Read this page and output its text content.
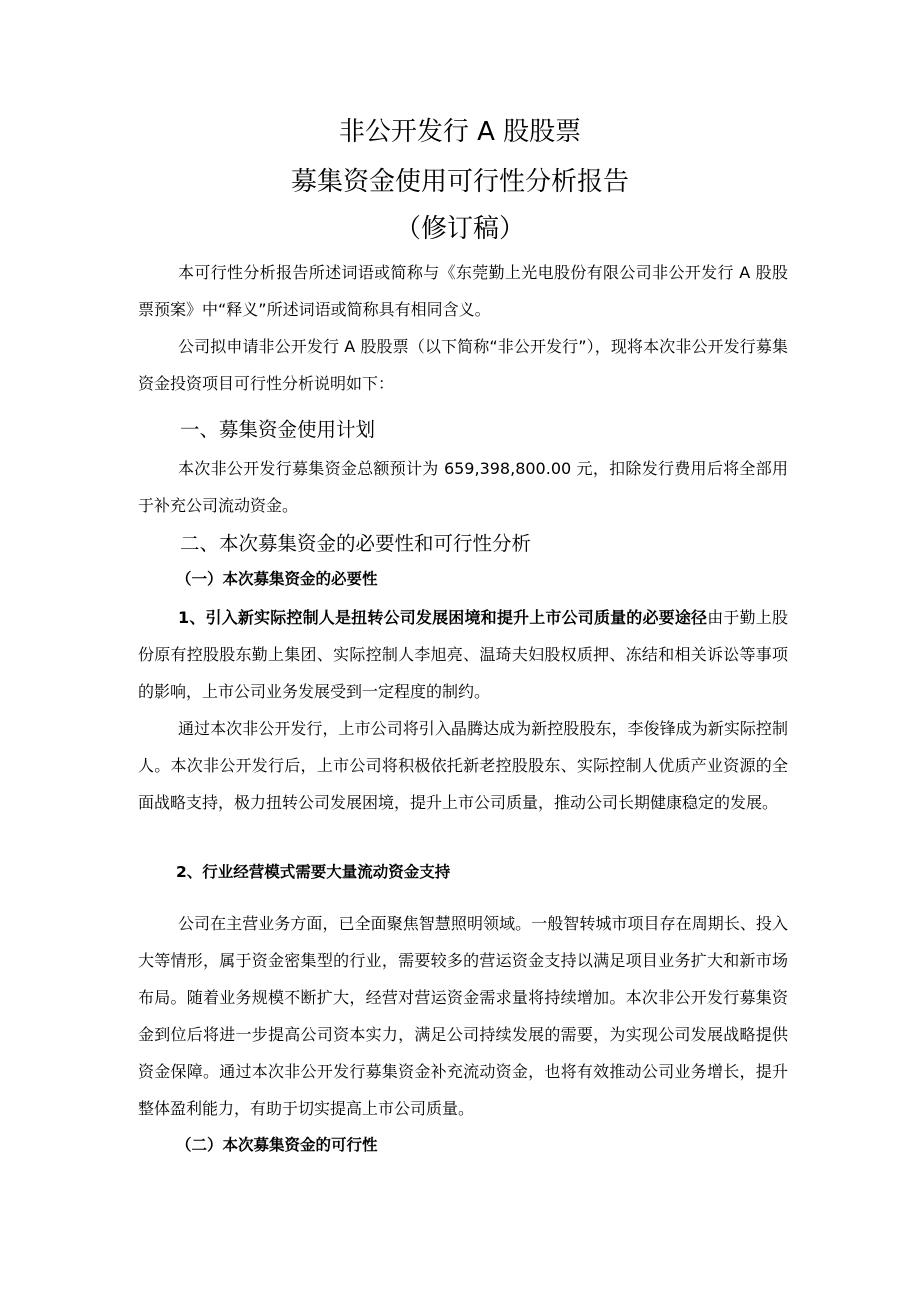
非公开发行 A 股股票
募集资金使用可行性分析报告
（修订稿）

本可行性分析报告所述词语或简称与《东莞勤上光电股份有限公司非公开发行 A 股股票预案》中“释义”所述词语或简称具有相同含义。

公司拟申请非公开发行 A 股股票（以下简称“非公开发行”），现将本次非公开发行募集资金投资项目可行性分析说明如下：

一、募集资金使用计划

本次非公开发行募集资金总额预计为 659,398,800.00 元，扣除发行费用后将全部用于补充公司流动资金。

二、本次募集资金的必要性和可行性分析
（一）本次募集资金的必要性

1、引入新实际控制人是扭转公司发展困境和提升上市公司质量的必要途径由于勤上股份原有控股股东勤上集团、实际控制人李旭亮、温琦夫妇股权质押、冻结和相关诉讼等事项的影响，上市公司业务发展受到一定程度的制约。

通过本次非公开发行，上市公司将引入晶腾达成为新控股股东，李俊锋成为新实际控制人。本次非公开发行后，上市公司将积极依托新老控股股东、实际控制人优质产业资源的全面战略支持，极力扭转公司发展困境，提升上市公司质量，推动公司长期健康稳定的发展。

2、行业经营模式需要大量流动资金支持

公司在主营业务方面，已全面聚焦智慧照明领域。一般智转城市项目存在周期长、投入大等情形，属于资金密集型的行业，需要较多的营运资金支持以满足项目业务扩大和新市场布局。随着业务规模不断扩大，经营对营运资金需求量将持续增加。本次非公开发行募集资金到位后将进一步提高公司资本实力，满足公司持续发展的需要，为实现公司发展战略提供资金保障。通过本次非公开发行募集资金补充流动资金，也将有效推动公司业务增长，提升整体盈利能力，有助于切实提高上市公司质量。

（二）本次募集资金的可行性
